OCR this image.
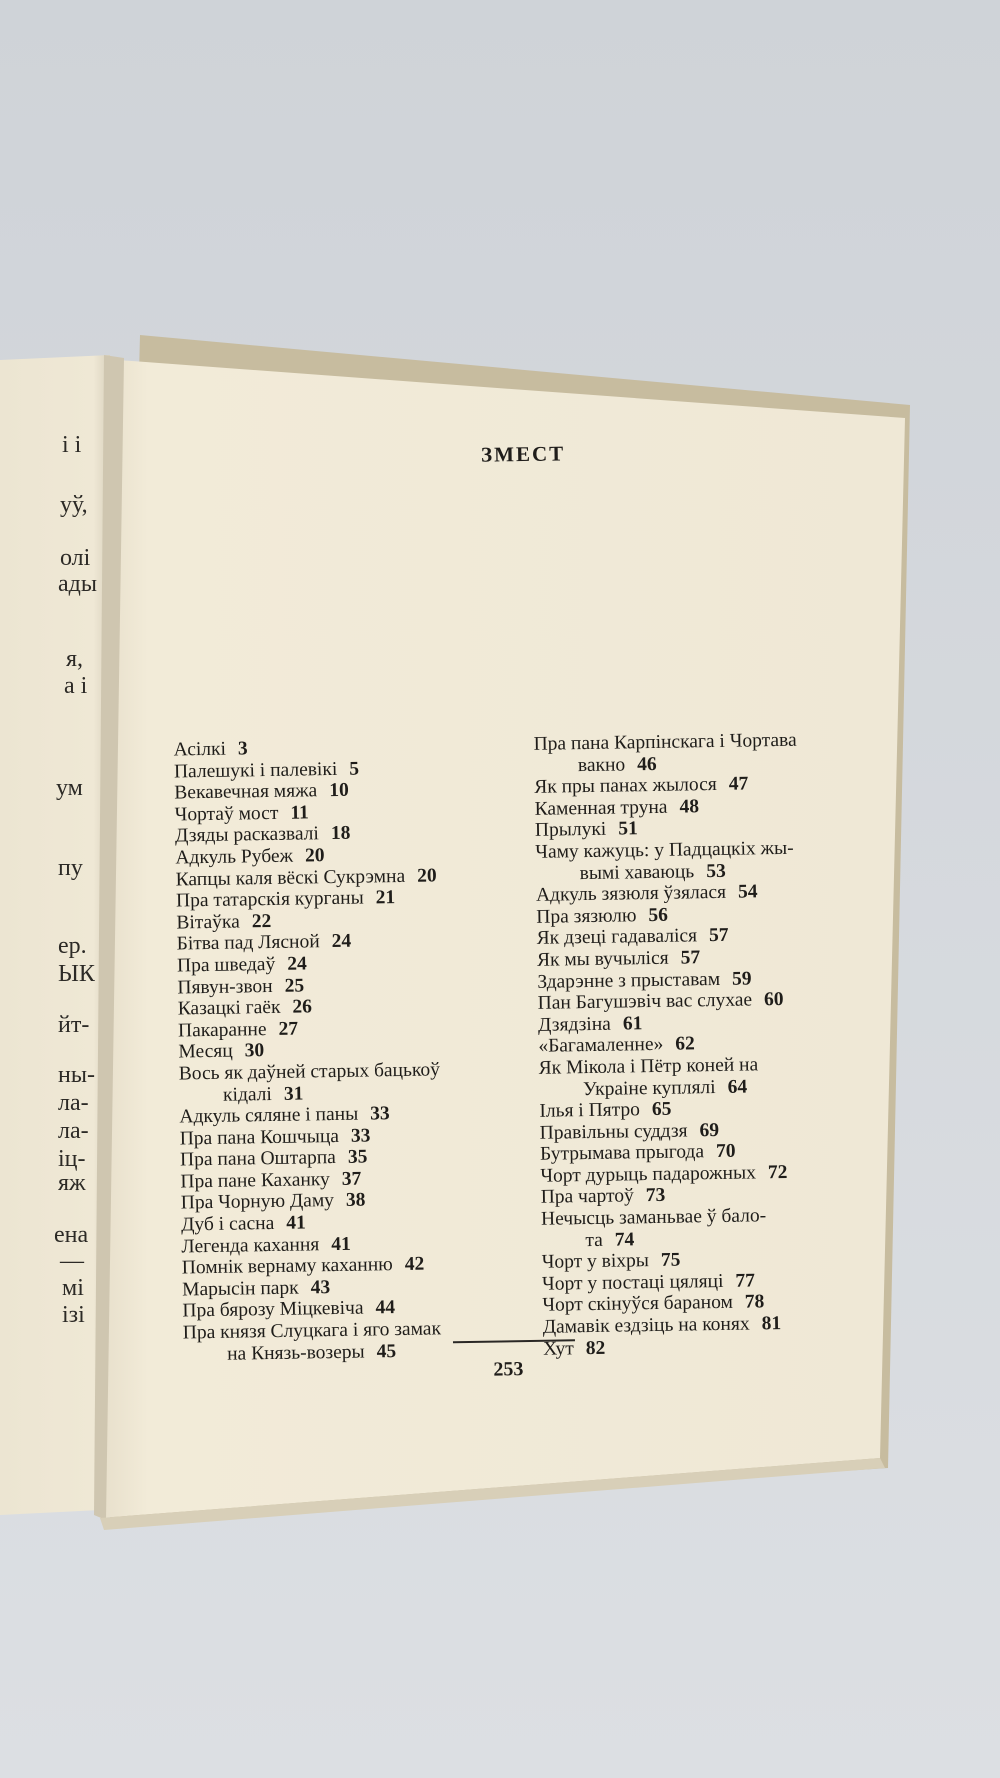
і і
уў,
олі
ады
я,
а і
ум
пу
ер.
ЫК
йт-
ны-
ла-
ла-
іц-
яж
ена
—
мі
ізі
ЗМЕСТ
Асілкі 3
Палешукі і палевікі 5
Векавечная мяжа 10
Чортаў мост 11
Дзяды расказвалі 18
Адкуль Рубеж 20
Капцы каля вёскі Сукрэмна 20
Пра татарскія курганы 21
Вітаўка 22
Бітва пад Лясной 24
Пра шведаў 24
Пявун-звон 25
Казацкі гаёк 26
Пакаранне 27
Месяц 30
Вось як даўней старых бацькоў
кідалі 31
Адкуль сяляне і паны 33
Пра пана Кошчыца 33
Пра пана Оштарпа 35
Пра пане Каханку 37
Пра Чорную Даму 38
Дуб і сасна 41
Легенда кахання 41
Помнік вернаму каханню 42
Марысін парк 43
Пра бярозу Міцкевіча 44
Пра князя Слуцкага і яго замак
на Князь-возеры 45
Пра пана Карпінскага і Чортава
вакно 46
Як пры панах жылося 47
Каменная труна 48
Прылукі 51
Чаму кажуць: у Падцацкіх жы-
вымі хаваюць 53
Адкуль зязюля ўзялася 54
Пра зязюлю 56
Як дзеці гадаваліся 57
Як мы вучыліся 57
Здарэнне з прыставам 59
Пан Багушэвіч вас слухае 60
Дзядзіна 61
«Багамаленне» 62
Як Мікола і Пётр коней на
Украіне куплялі 64
Ілья і Пятро 65
Правільны суддзя 69
Бутрымава прыгода 70
Чорт дурыць падарожных 72
Пра чартоў 73
Нечысць заманьвае ў бало-
та 74
Чорт у віхры 75
Чорт у постаці цяляці 77
Чорт скінуўся бараном 78
Дамавік ездзіць на конях 81
Хут 82
253
